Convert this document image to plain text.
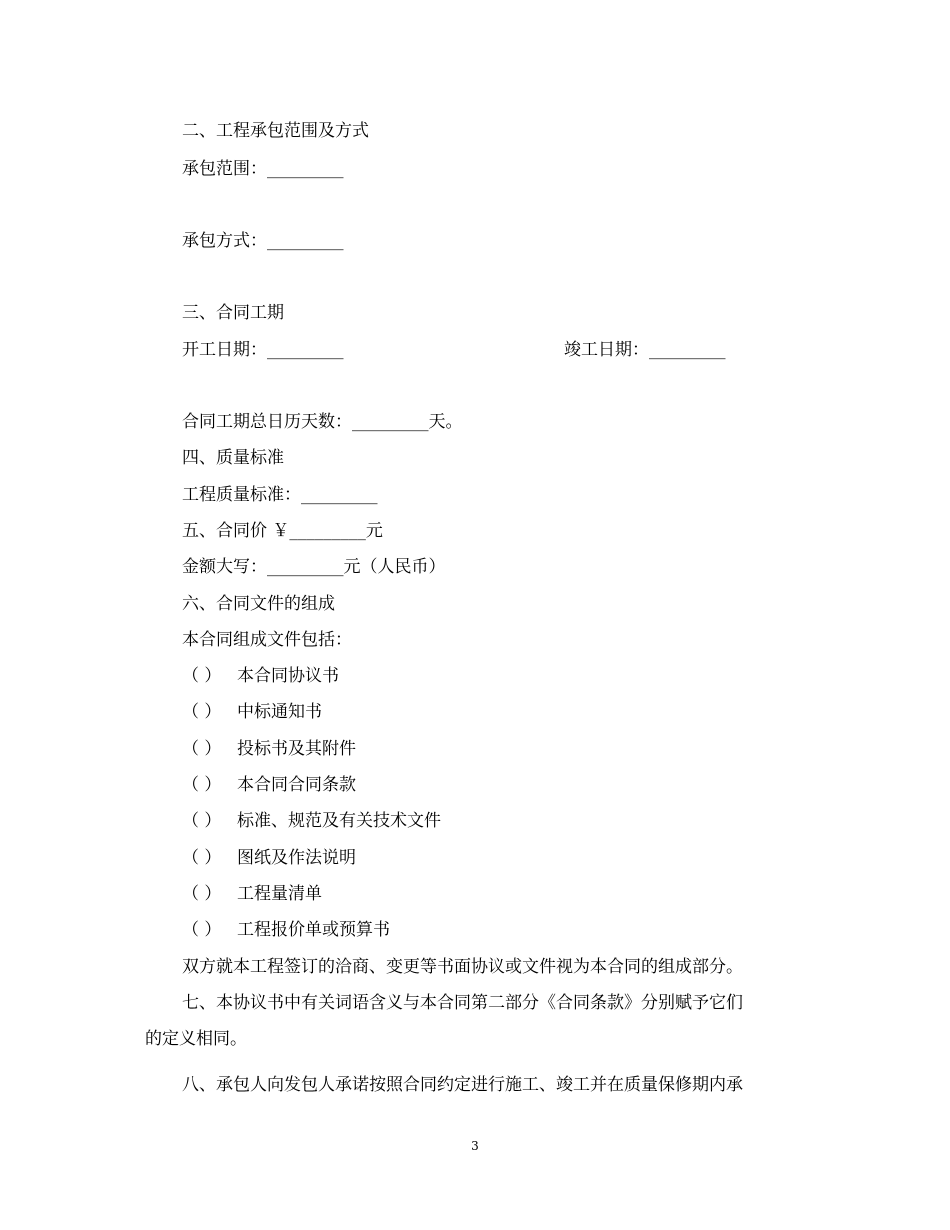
二、工程承包范围及方式
承包范围：_________
承包方式：_________
三、合同工期
开工日期：_________	竣工日期：_________
合同工期总日历天数：_________天。
四、质量标准
工程质量标准：_________
五、合同价 ￥_________元
金额大写：_________元（人民币）
六、合同文件的组成
本合同组成文件包括：
（ ） 本合同协议书
（ ） 中标通知书
（ ） 投标书及其附件
（ ） 本合同合同条款
（ ） 标准、规范及有关技术文件
（ ） 图纸及作法说明
（ ） 工程量清单
（ ） 工程报价单或预算书
双方就本工程签订的洽商、变更等书面协议或文件视为本合同的组成部分。
七、本协议书中有关词语含义与本合同第二部分《合同条款》分别赋予它们
的定义相同。
八、承包人向发包人承诺按照合同约定进行施工、竣工并在质量保修期内承
3
